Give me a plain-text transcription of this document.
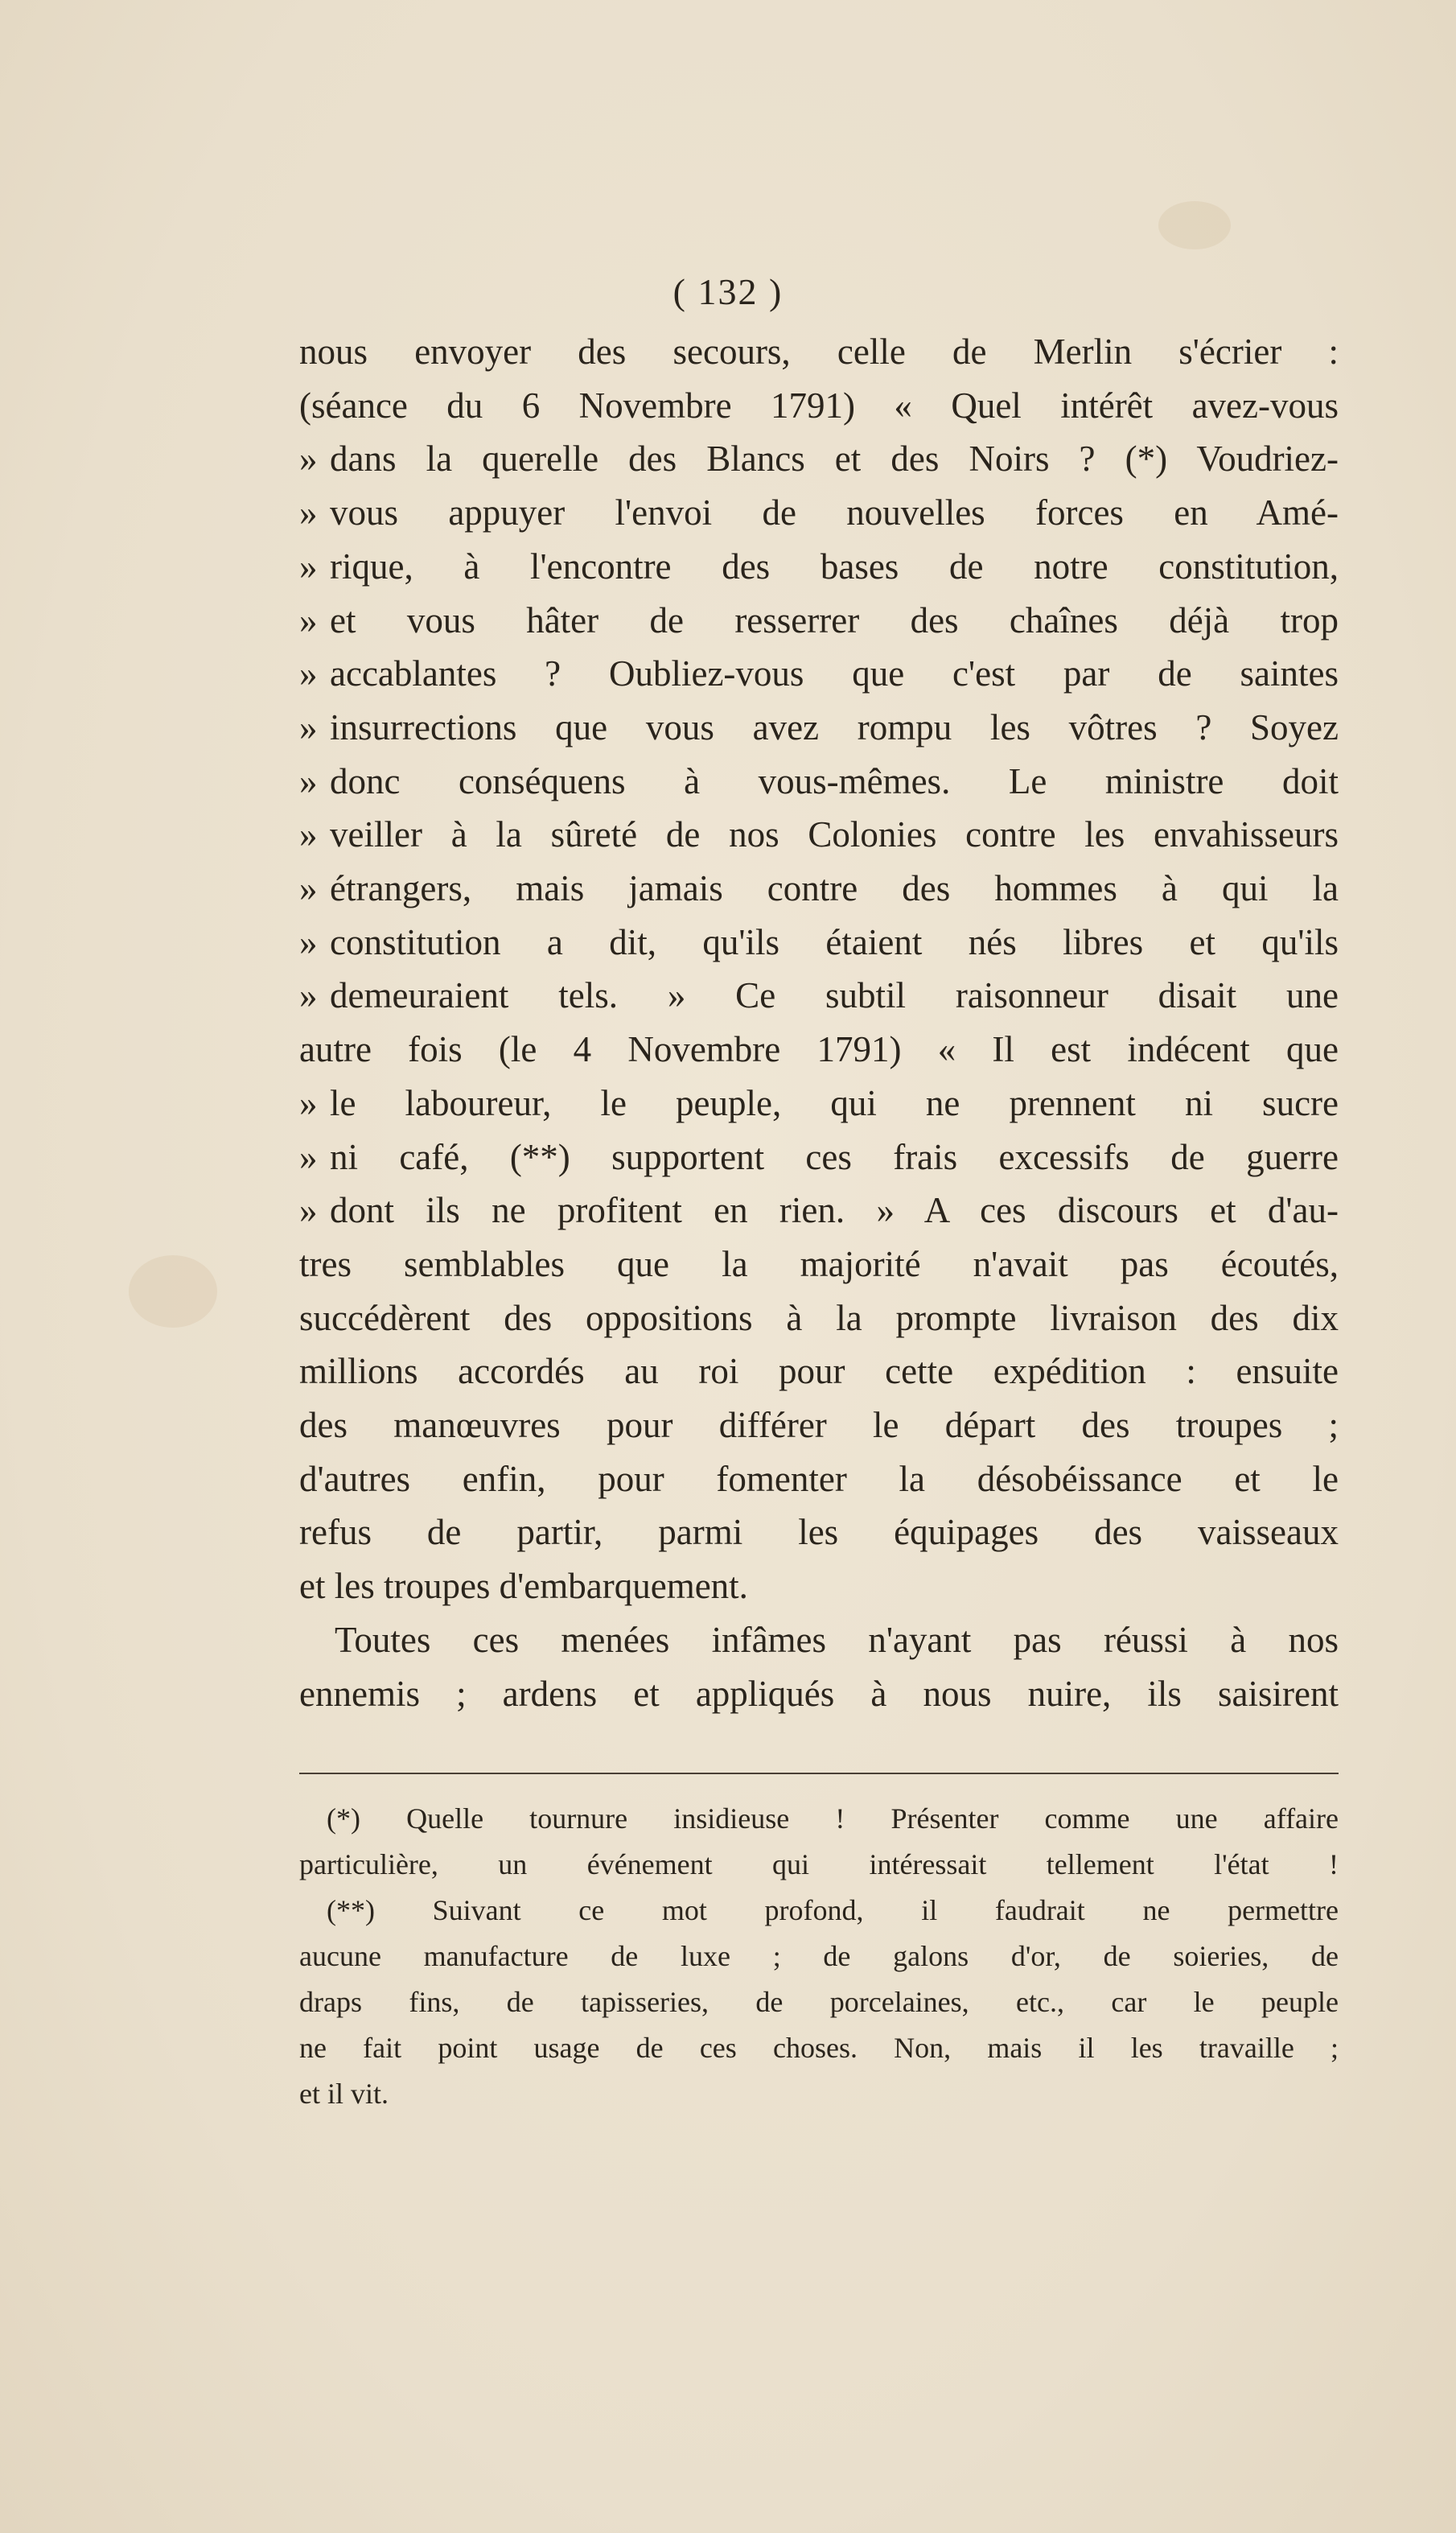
( 132 )
nous envoyer des secours, celle de Merlin s'écrier :
(séance du 6 Novembre 1791) « Quel intérêt avez-vous
» dans la querelle des Blancs et des Noirs ? (*) Voudriez-
» vous appuyer l'envoi de nouvelles forces en Amé-
» rique, à l'encontre des bases de notre constitution,
» et vous hâter de resserrer des chaînes déjà trop
» accablantes ? Oubliez-vous que c'est par de saintes
» insurrections que vous avez rompu les vôtres ? Soyez
» donc conséquens à vous-mêmes. Le ministre doit
» veiller à la sûreté de nos Colonies contre les envahisseurs
» étrangers, mais jamais contre des hommes à qui la
» constitution a dit, qu'ils étaient nés libres et qu'ils
» demeuraient tels. » Ce subtil raisonneur disait une
autre fois (le 4 Novembre 1791) « Il est indécent que
» le laboureur, le peuple, qui ne prennent ni sucre
» ni café, (**) supportent ces frais excessifs de guerre
» dont ils ne profitent en rien. » A ces discours et d'au-
tres semblables que la majorité n'avait pas écoutés,
succédèrent des oppositions à la prompte livraison des dix
millions accordés au roi pour cette expédition : ensuite
des manœuvres pour différer le départ des troupes ;
d'autres enfin, pour fomenter la désobéissance et le
refus de partir, parmi les équipages des vaisseaux
et les troupes d'embarquement.
Toutes ces menées infâmes n'ayant pas réussi à nos
ennemis ; ardens et appliqués à nous nuire, ils saisirent
(*) Quelle tournure insidieuse ! Présenter comme une affaire
particulière, un événement qui intéressait tellement l'état !
(**) Suivant ce mot profond, il faudrait ne permettre
aucune manufacture de luxe ; de galons d'or, de soieries, de
draps fins, de tapisseries, de porcelaines, etc., car le peuple
ne fait point usage de ces choses. Non, mais il les travaille ;
et il vit.
